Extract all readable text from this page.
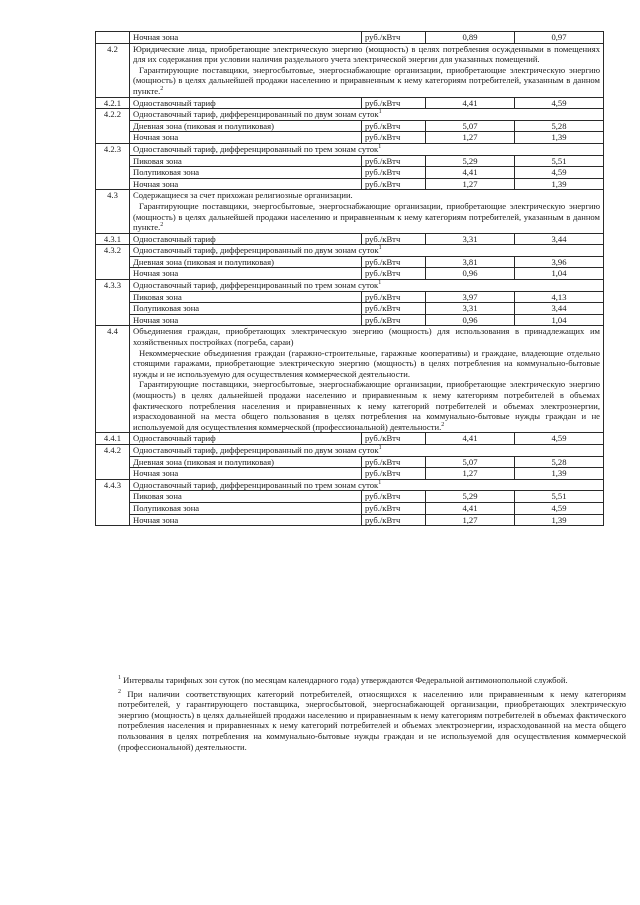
	Ночная зона	руб./кВтч	0,89	0,97
4.2	Юридические лица, приобретающие электрическую энергию (мощность) в целях потребления осужденными в помещениях для их содержания при условии наличия раздельного учета электрической энергии для указанных помещений.

Гарантирующие поставщики, энергосбытовые, энергоснабжающие организации, приобретающие электрическую энергию (мощность) в целях дальнейшей продажи населению и приравненным к нему категориям потребителей, указанным в данном пункте.$^2$

4.2.1	Одноставочный тариф	руб./кВтч	4,41	4,59
4.2.2	Одноставочный тариф, дифференцированный по двум зонам суток$^1$
	Дневная зона (пиковая и полупиковая)	руб./кВтч	5,07	5,28
	Ночная зона	руб./кВтч	1,27	1,39
4.2.3	Одноставочный тариф, дифференцированный по трем зонам суток$^1$
	Пиковая зона	руб./кВтч	5,29	5,51
	Полупиковая зона	руб./кВтч	4,41	4,59
	Ночная зона	руб./кВтч	1,27	1,39
4.3	Содержащиеся за счет прихожан религиозные организации.

Гарантирующие поставщики, энергосбытовые, энергоснабжающие организации, приобретающие электрическую энергию (мощность) в целях дальнейшей продажи населению и приравненным к нему категориям потребителей, указанным в данном пункте.$^2$

4.3.1	Одноставочный тариф	руб./кВтч	3,31	3,44
4.3.2	Одноставочный тариф, дифференцированный по двум зонам суток$^1$
	Дневная зона (пиковая и полупиковая)	руб./кВтч	3,81	3,96
	Ночная зона	руб./кВтч	0,96	1,04
4.3.3	Одноставочный тариф, дифференцированный по трем зонам суток$^1$
	Пиковая зона	руб./кВтч	3,97	4,13
	Полупиковая зона	руб./кВтч	3,31	3,44
	Ночная зона	руб./кВтч	0,96	1,04
4.4	Объединения граждан, приобретающих электрическую энергию (мощность) для использования в принадлежащих им хозяйственных постройках (погреба, сараи)

Некоммерческие объединения граждан (гаражно-строительные, гаражные кооперативы) и граждане, владеющие отдельно стоящими гаражами, приобретающие электрическую энергию (мощность) в целях потребления на коммунально-бытовые нужды и не используемую для осуществления коммерческой деятельности.

Гарантирующие поставщики, энергосбытовые, энергоснабжающие организации, приобретающие электрическую энергию (мощность) в целях дальнейшей продажи населению и приравненным к нему категориям потребителей в объемах фактического потребления населения и приравненных к нему категорий потребителей и объемах электроэнергии, израсходованной на места общего пользования в целях потребления на коммунально-бытовые нужды граждан и не используемой для осуществления коммерческой (профессиональной) деятельности.$^2$

4.4.1	Одноставочный тариф	руб./кВтч	4,41	4,59
4.4.2	Одноставочный тариф, дифференцированный по двум зонам суток$^1$
	Дневная зона (пиковая и полупиковая)	руб./кВтч	5,07	5,28
	Ночная зона	руб./кВтч	1,27	1,39
4.4.3	Одноставочный тариф, дифференцированный по трем зонам суток$^1$
	Пиковая зона	руб./кВтч	5,29	5,51
	Полупиковая зона	руб./кВтч	4,41	4,59
	Ночная зона	руб./кВтч	1,27	1,39

$^1$ Интервалы тарифных зон суток (по месяцам календарного года) утверждаются Федеральной антимонопольной службой.

$^2$ При наличии соответствующих категорий потребителей, относящихся к населению или приравненным к нему категориям потребителей, у гарантирующего поставщика, энергосбытовой, энергоснабжающей организации, приобретающих электрическую энергию (мощность) в целях дальнейшей продажи населению и приравненным к нему категориям потребителей в объемах фактического потребления населения и приравненных к нему категорий потребителей и объемах электроэнергии, израсходованной на места общего пользования в целях потребления на коммунально-бытовые нужды граждан и не используемой для осуществления коммерческой (профессиональной) деятельности.
